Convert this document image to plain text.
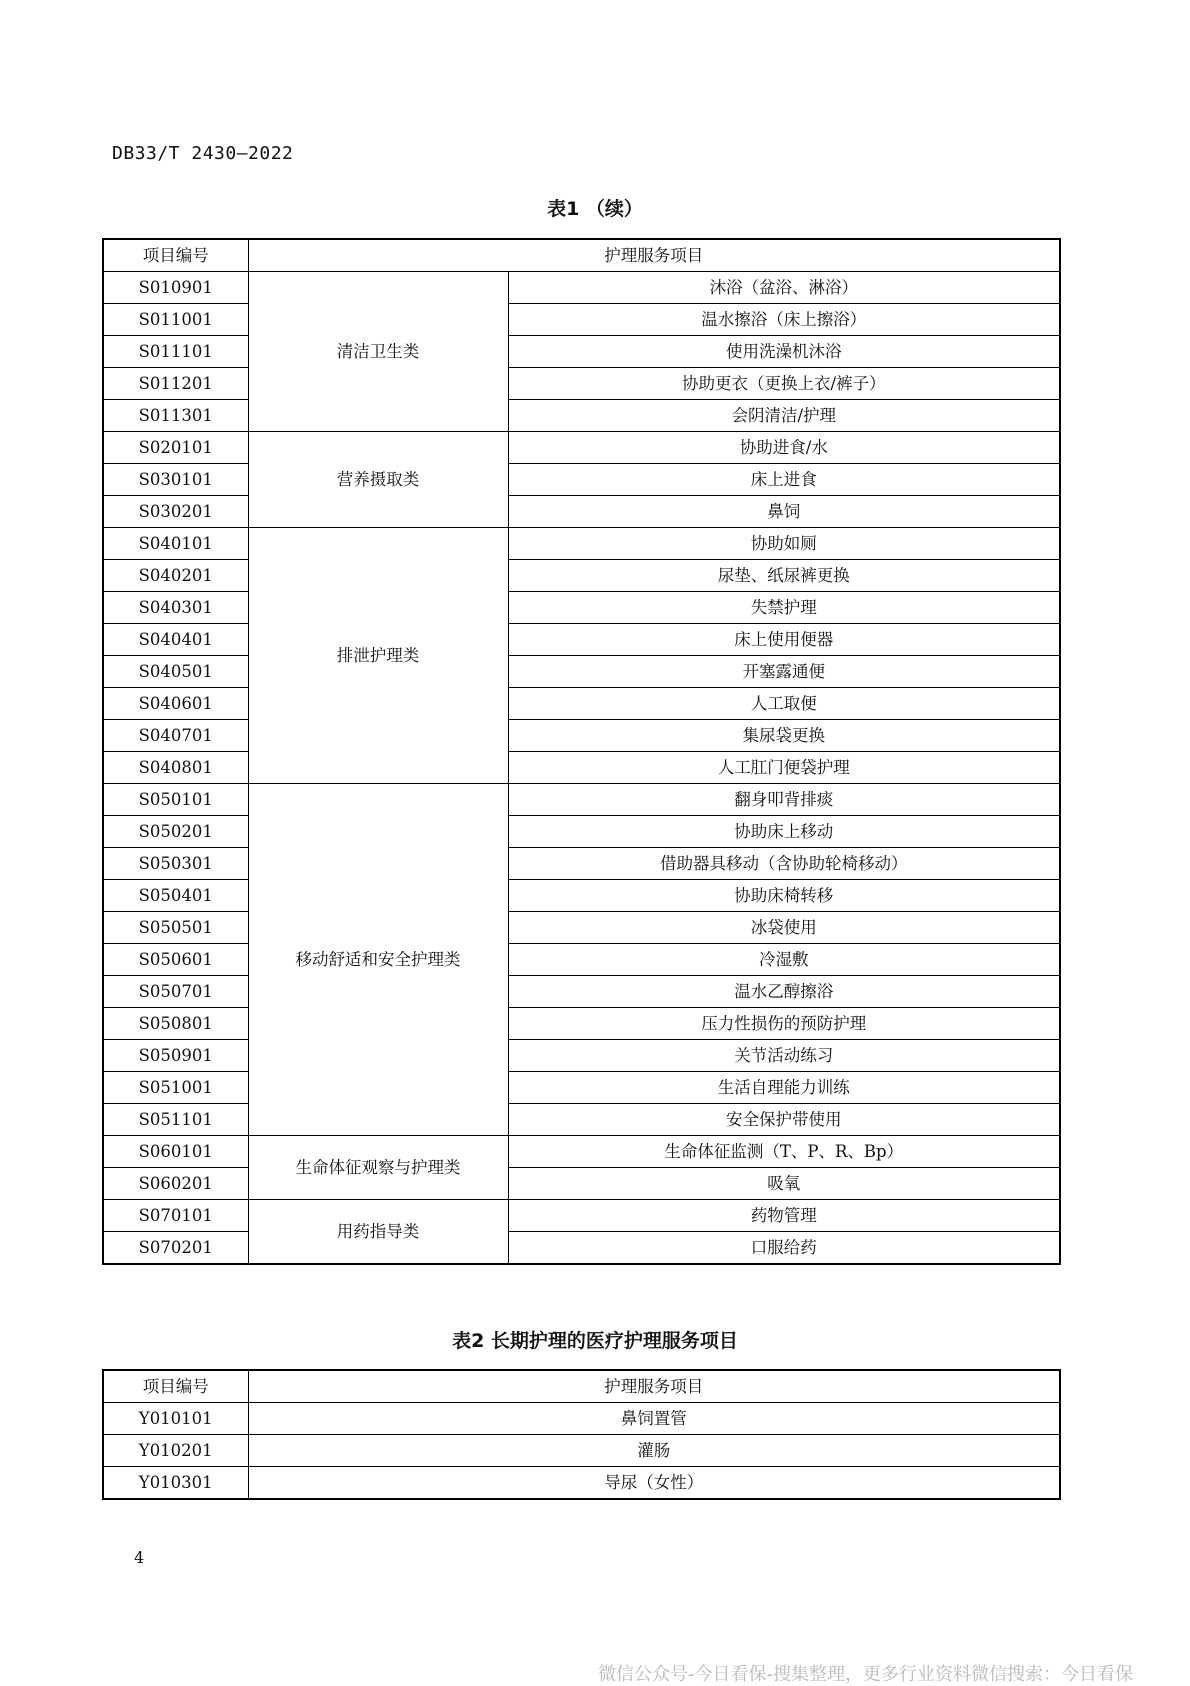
DB33/T 2430—2022
表1 （续）
项目编号	护理服务项目	
S010901	清洁卫生类	沐浴（盆浴、淋浴）
S011001		温水擦浴（床上擦浴）
S011101		使用洗澡机沐浴
S011201		协助更衣（更换上衣/裤子）
S011301		会阴清洁/护理
S020101	营养摄取类	协助进食/水
S030101		床上进食
S030201		鼻饲
S040101	排泄护理类	协助如厕
S040201		尿垫、纸尿裤更换
S040301		失禁护理
S040401		床上使用便器
S040501		开塞露通便
S040601		人工取便
S040701		集尿袋更换
S040801		人工肛门便袋护理
S050101	移动舒适和安全护理类	翻身叩背排痰
S050201		协助床上移动
S050301		借助器具移动（含协助轮椅移动）
S050401		协助床椅转移
S050501		冰袋使用
S050601		冷湿敷
S050701		温水乙醇擦浴
S050801		压力性损伤的预防护理
S050901		关节活动练习
S051001		生活自理能力训练
S051101		安全保护带使用
S060101	生命体征观察与护理类	生命体征监测（T、P、R、Bp）
S060201		吸氧
S070101	用药指导类	药物管理
S070201		口服给药
表2 长期护理的医疗护理服务项目
项目编号	护理服务项目
Y010101	鼻饲置管
Y010201	灌肠
Y010301	导尿（女性）
4
微信公众号-今日看保-搜集整理，更多行业资料微信搜索：今日看保
